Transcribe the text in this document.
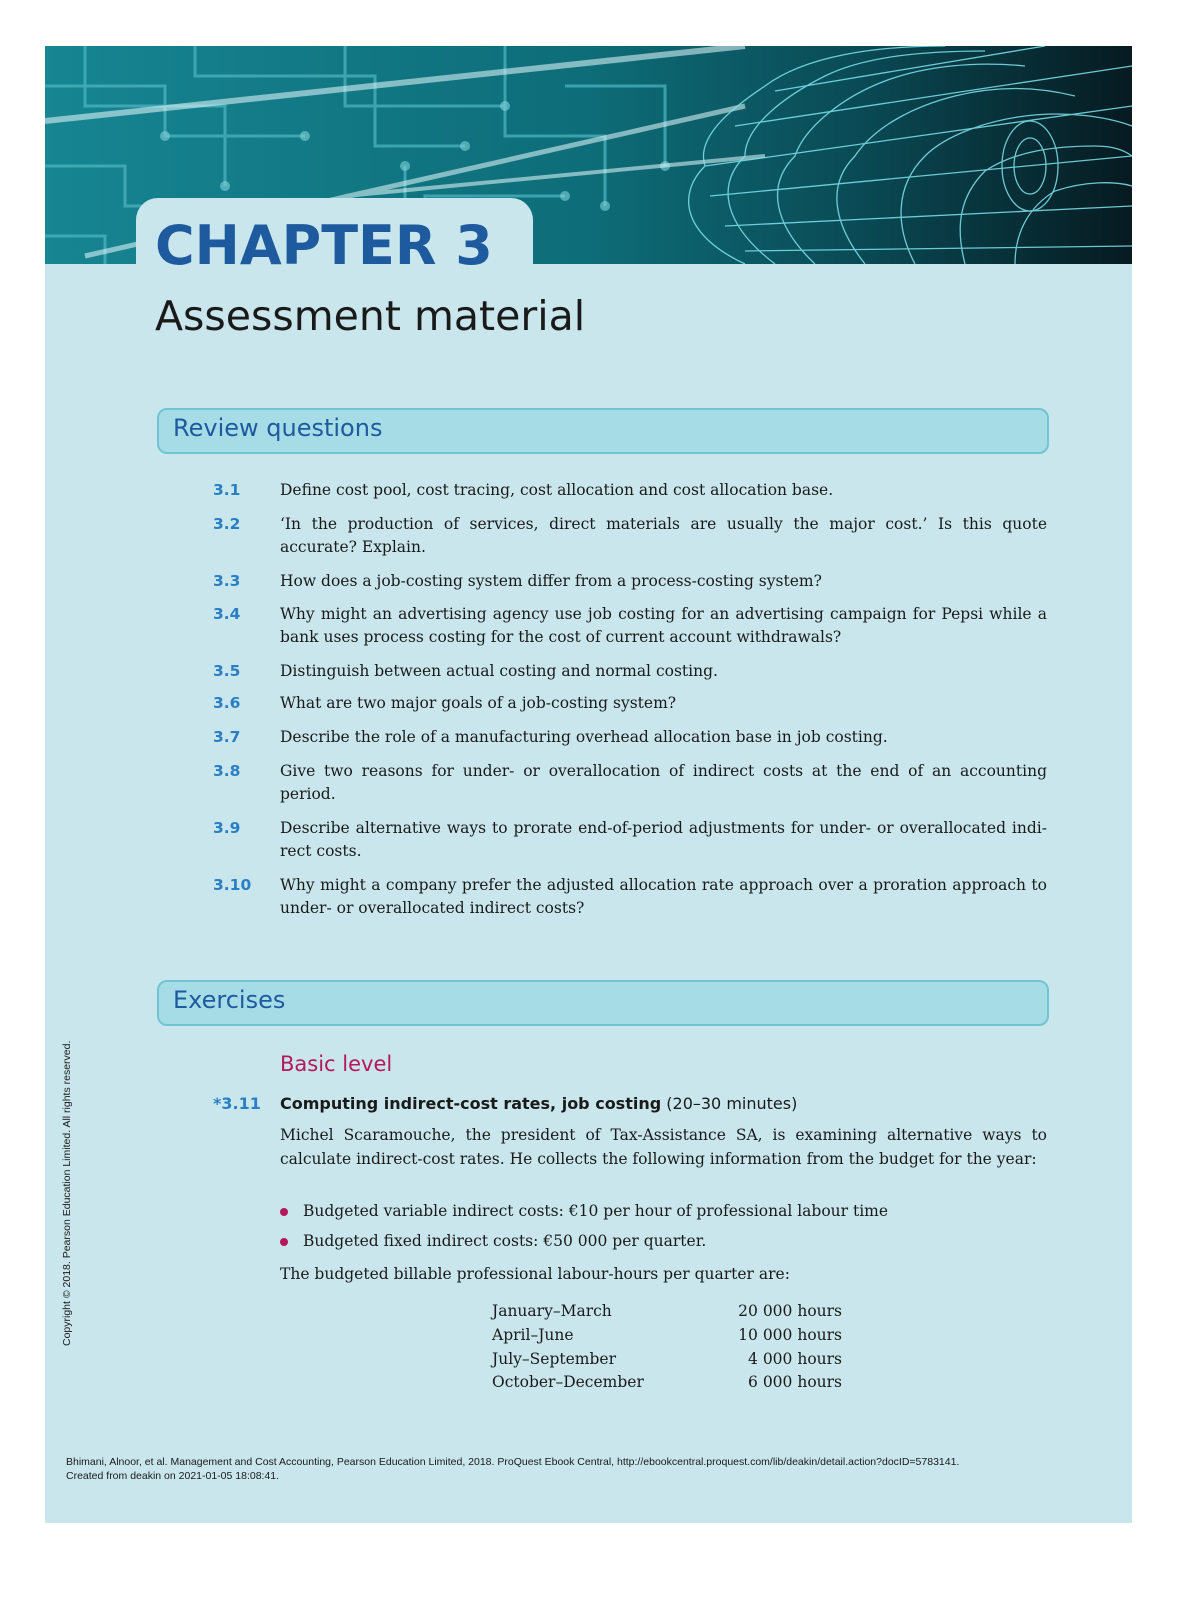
CHAPTER 3
Assessment material
Review questions
3.1	Define cost pool, cost tracing, cost allocation and cost allocation base.
3.2	‘In the production of services, direct materials are usually the major cost.’ Is this quote accurate? Explain.
3.3	How does a job-costing system differ from a process-costing system?
3.4	Why might an advertising agency use job costing for an advertising campaign for Pepsi while a bank uses process costing for the cost of current account withdrawals?
3.5	Distinguish between actual costing and normal costing.
3.6	What are two major goals of a job-costing system?
3.7	Describe the role of a manufacturing overhead allocation base in job costing.
3.8	Give two reasons for under- or overallocation of indirect costs at the end of an accounting period.
3.9	Describe alternative ways to prorate end-of-period adjustments for under- or overallocated indi-rect costs.
3.10 Why might a company prefer the adjusted allocation rate approach over a proration approach to under- or overallocated indirect costs?
Exercises
Basic level
*3.11 Computing indirect-cost rates, job costing (20–30 minutes)
Michel Scaramouche, the president of Tax-Assistance SA, is examining alternative ways to calculate indirect-cost rates. He collects the following information from the budget for the year:
Budgeted variable indirect costs: €10 per hour of professional labour time
Budgeted fixed indirect costs: €50 000 per quarter.
The budgeted billable professional labour-hours per quarter are:
January–March	20 000 hours
April–June	10 000 hours
July–September	4 000 hours
October–December	6 000 hours
Copyright © 2018. Pearson Education Limited. All rights reserved.
Bhimani, Alnoor, et al. Management and Cost Accounting, Pearson Education Limited, 2018. ProQuest Ebook Central, http://ebookcentral.proquest.com/lib/deakin/detail.action?docID=5783141.
Created from deakin on 2021-01-05 18:08:41.
